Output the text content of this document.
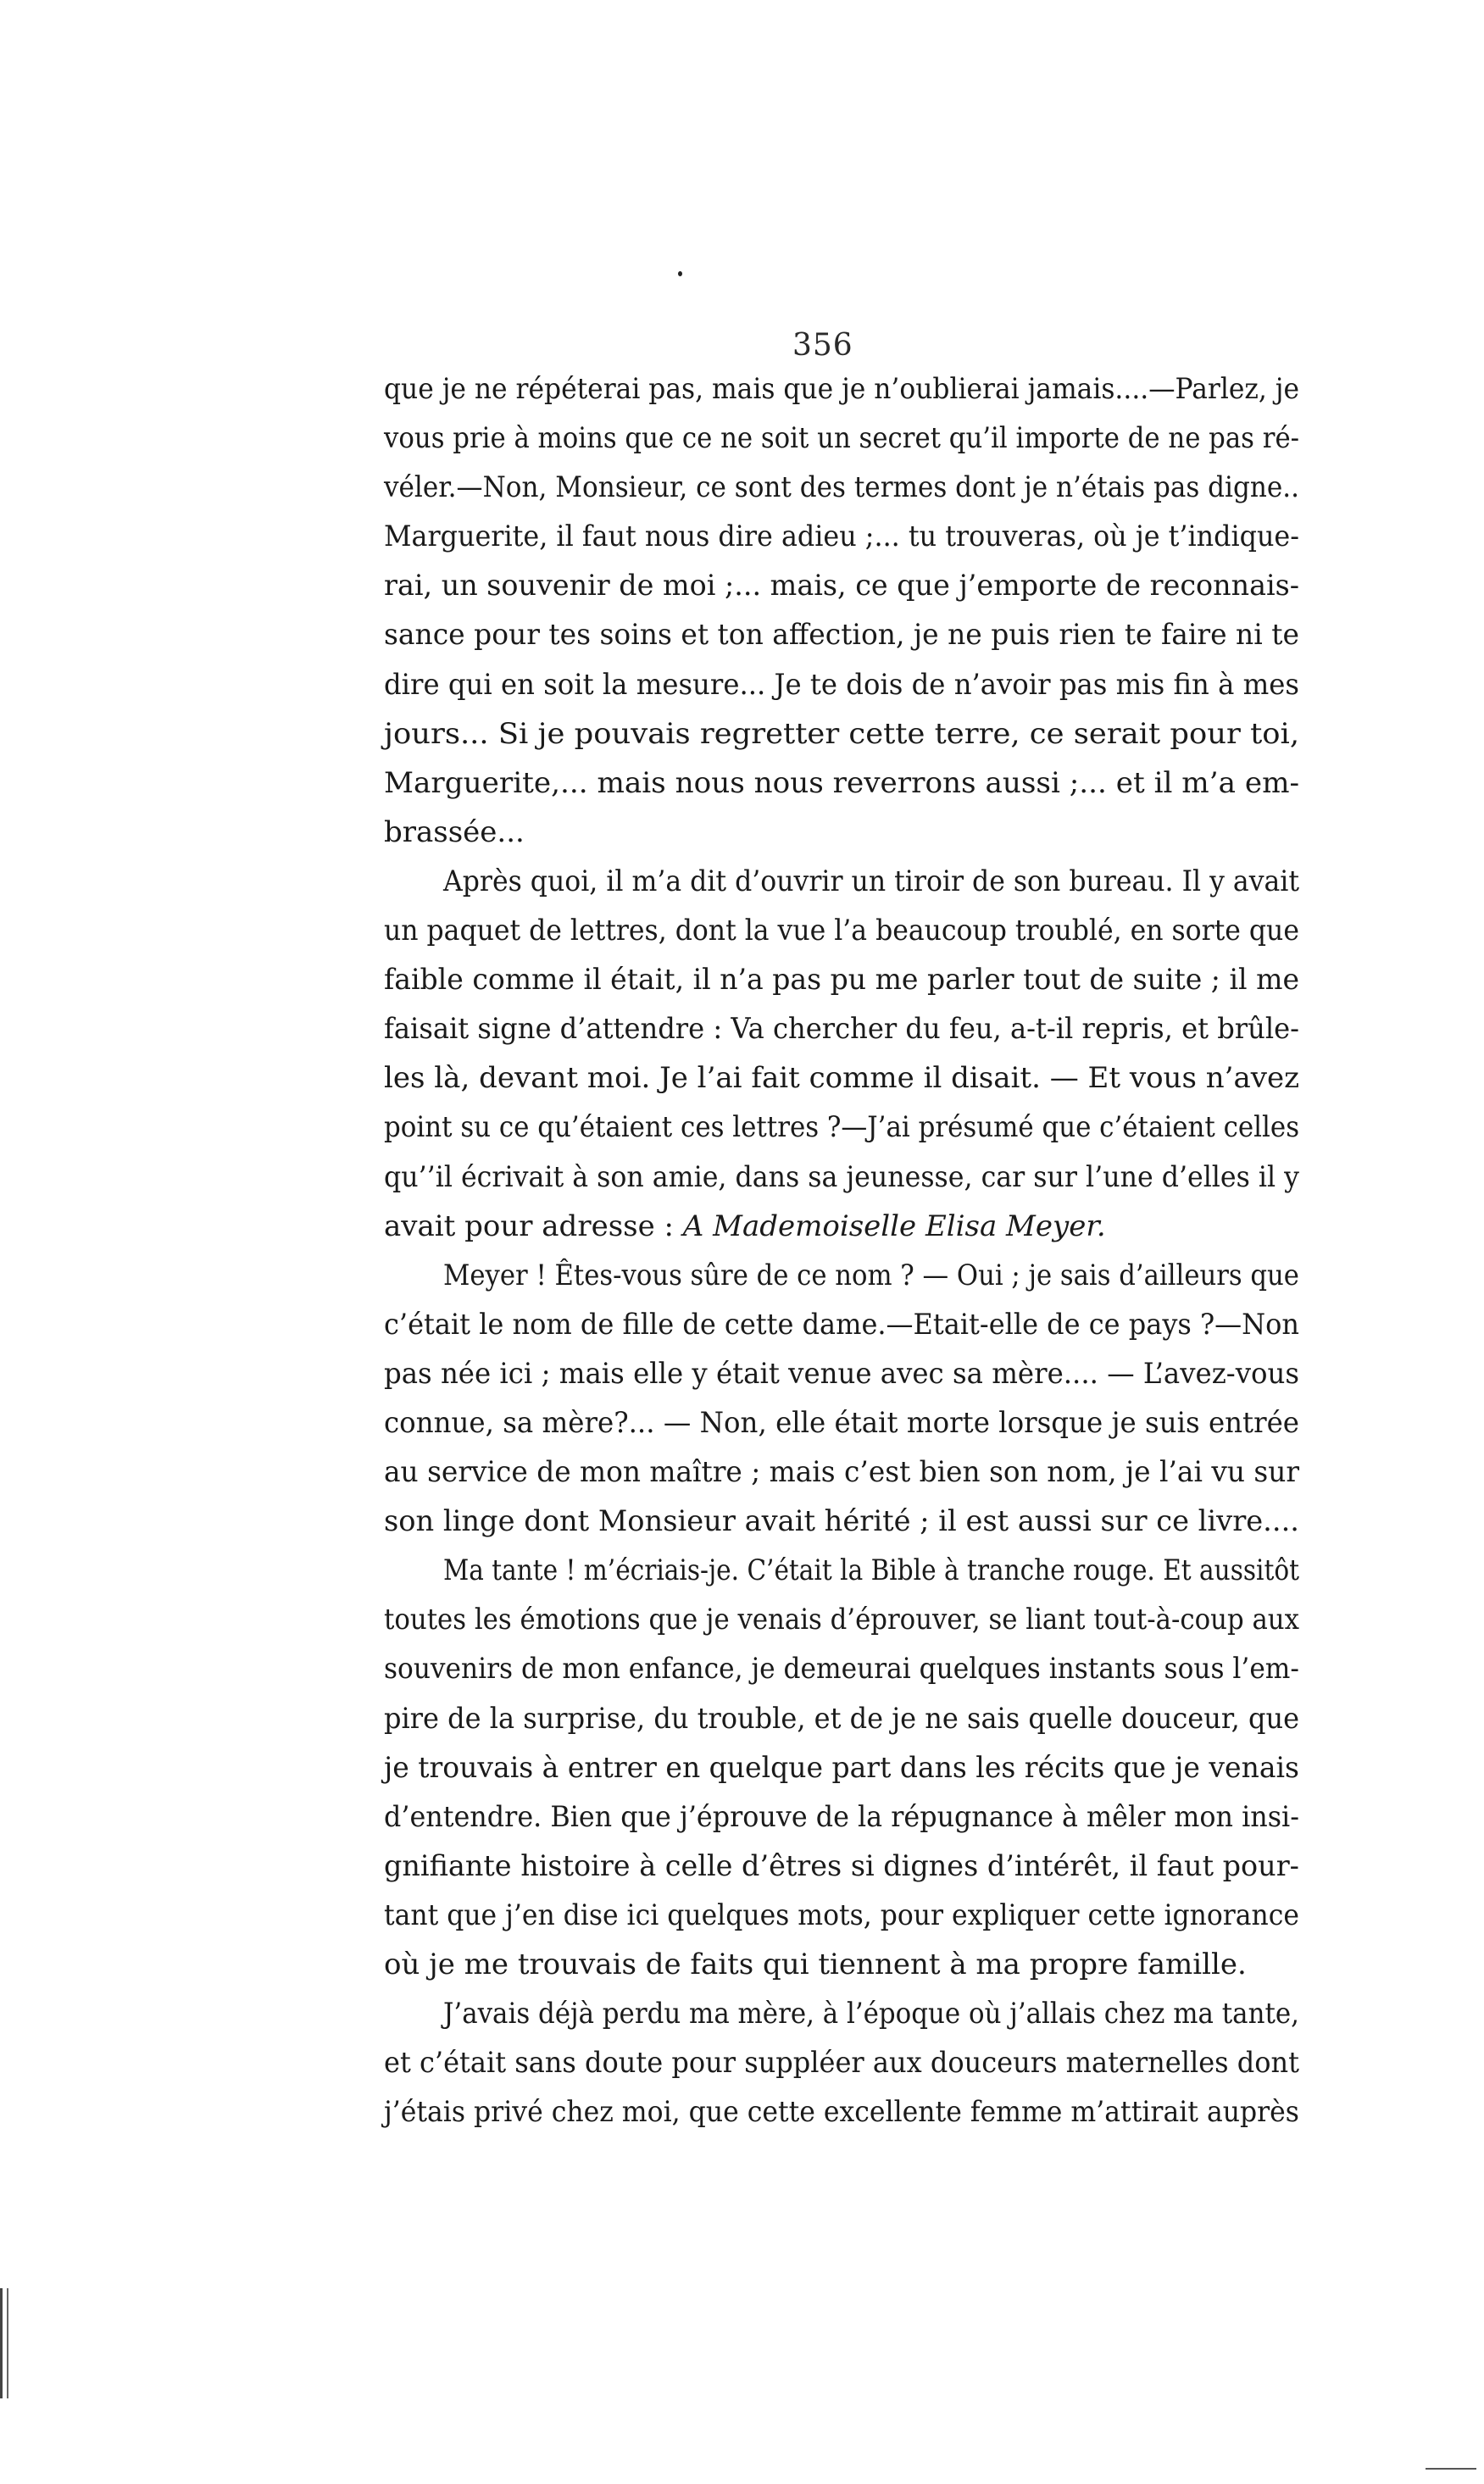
356
que je ne répéterai pas, mais que je n’oublierai jamais....—Parlez, je
vous prie à moins que ce ne soit un secret qu’il importe de ne pas ré-
véler.—Non, Monsieur, ce sont des termes dont je n’étais pas digne..
Marguerite, il faut nous dire adieu ;... tu trouveras, où je t’indique-
rai, un souvenir de moi ;... mais, ce que j’emporte de reconnais-
sance pour tes soins et ton affection, je ne puis rien te faire ni te
dire qui en soit la mesure... Je te dois de n’avoir pas mis fin à mes
jours... Si je pouvais regretter cette terre, ce serait pour toi,
Marguerite,... mais nous nous reverrons aussi ;... et il m’a em-
brassée...
Après quoi, il m’a dit d’ouvrir un tiroir de son bureau. Il y avait
un paquet de lettres, dont la vue l’a beaucoup troublé, en sorte que
faible comme il était, il n’a pas pu me parler tout de suite ; il me
faisait signe d’attendre : Va chercher du feu, a-t-il repris, et brûle-
les là, devant moi. Je l’ai fait comme il disait. — Et vous n’avez
point su ce qu’étaient ces lettres ?—J’ai présumé que c’étaient celles
qu’’il écrivait à son amie, dans sa jeunesse, car sur l’une d’elles il y
avait pour adresse : A Mademoiselle Elisa Meyer.
Meyer ! Êtes-vous sûre de ce nom ? — Oui ; je sais d’ailleurs que
c’était le nom de fille de cette dame.—Etait-elle de ce pays ?—Non
pas née ici ; mais elle y était venue avec sa mère.... — L’avez-vous
connue, sa mère?... — Non, elle était morte lorsque je suis entrée
au service de mon maître ; mais c’est bien son nom, je l’ai vu sur
son linge dont Monsieur avait hérité ; il est aussi sur ce livre....
Ma tante ! m’écriais-je. C’était la Bible à tranche rouge. Et aussitôt
toutes les émotions que je venais d’éprouver, se liant tout-à-coup aux
souvenirs de mon enfance, je demeurai quelques instants sous l’em-
pire de la surprise, du trouble, et de je ne sais quelle douceur, que
je trouvais à entrer en quelque part dans les récits que je venais
d’entendre. Bien que j’éprouve de la répugnance à mêler mon insi-
gnifiante histoire à celle d’êtres si dignes d’intérêt, il faut pour-
tant que j’en dise ici quelques mots, pour expliquer cette ignorance
où je me trouvais de faits qui tiennent à ma propre famille.
J’avais déjà perdu ma mère, à l’époque où j’allais chez ma tante,
et c’était sans doute pour suppléer aux douceurs maternelles dont
j’étais privé chez moi, que cette excellente femme m’attirait auprès
